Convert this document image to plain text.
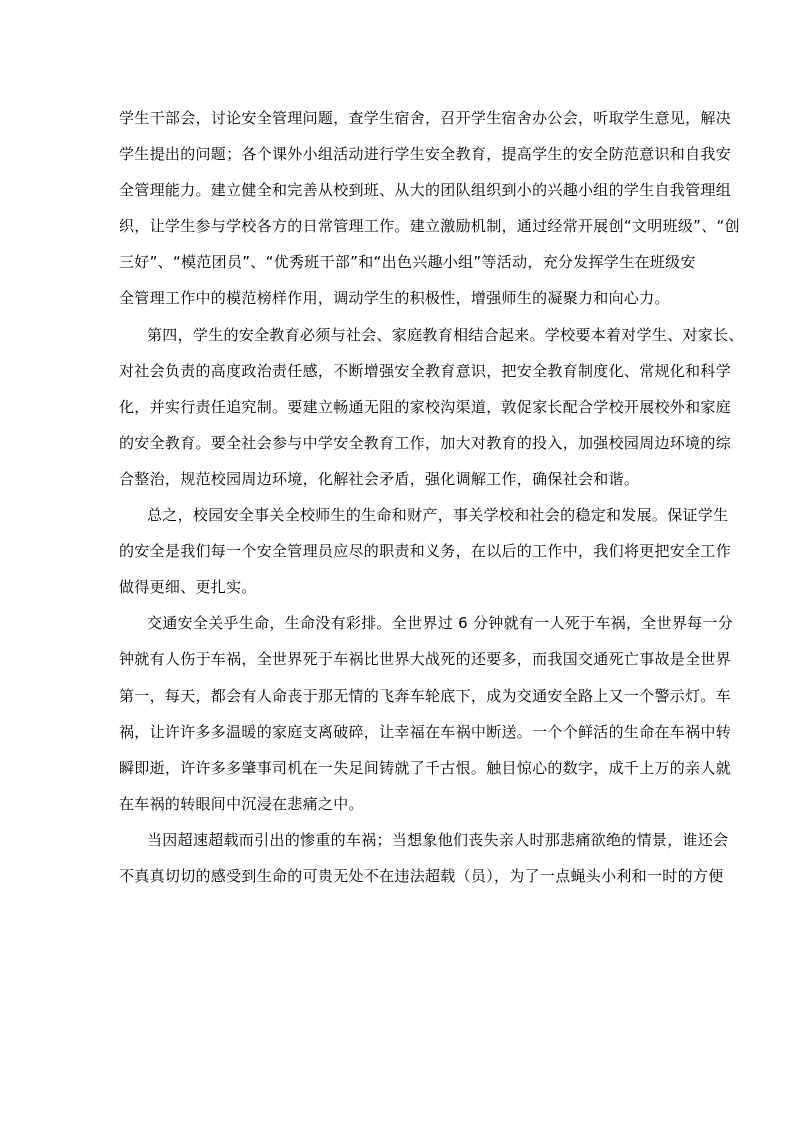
学生干部会，讨论安全管理问题，查学生宿舍，召开学生宿舍办公会，听取学生意见，解决
学生提出的问题；各个课外小组活动进行学生安全教育，提高学生的安全防范意识和自我安
全管理能力。建立健全和完善从校到班、从大的团队组织到小的兴趣小组的学生自我管理组
织，让学生参与学校各方的日常管理工作。建立激励机制，通过经常开展创“文明班级”、“创
三好”、“模范团员”、“优秀班干部”和“出色兴趣小组”等活动，充分发挥学生在班级安
全管理工作中的模范榜样作用，调动学生的积极性，增强师生的凝聚力和向心力。
第四，学生的安全教育必须与社会、家庭教育相结合起来。学校要本着对学生、对家长、
对社会负责的高度政治责任感，不断增强安全教育意识，把安全教育制度化、常规化和科学
化，并实行责任追究制。要建立畅通无阻的家校沟渠道，敦促家长配合学校开展校外和家庭
的安全教育。要全社会参与中学安全教育工作，加大对教育的投入，加强校园周边环境的综
合整治，规范校园周边环境，化解社会矛盾，强化调解工作，确保社会和谐。
总之，校园安全事关全校师生的生命和财产，事关学校和社会的稳定和发展。保证学生
的安全是我们每一个安全管理员应尽的职责和义务，在以后的工作中，我们将更把安全工作
做得更细、更扎实。
交通安全关乎生命，生命没有彩排。全世界过 6 分钟就有一人死于车祸，全世界每一分
钟就有人伤于车祸，全世界死于车祸比世界大战死的还要多，而我国交通死亡事故是全世界
第一，每天，都会有人命丧于那无情的飞奔车轮底下，成为交通安全路上又一个警示灯。车
祸，让许许多多温暖的家庭支离破碎，让幸福在车祸中断送。一个个鲜活的生命在车祸中转
瞬即逝，许许多多肇事司机在一失足间铸就了千古恨。触目惊心的数字，成千上万的亲人就
在车祸的转眼间中沉浸在悲痛之中。
当因超速超载而引出的惨重的车祸；当想象他们丧失亲人时那悲痛欲绝的情景，谁还会
不真真切切的感受到生命的可贵无处不在违法超载（员），为了一点蝇头小利和一时的方便
